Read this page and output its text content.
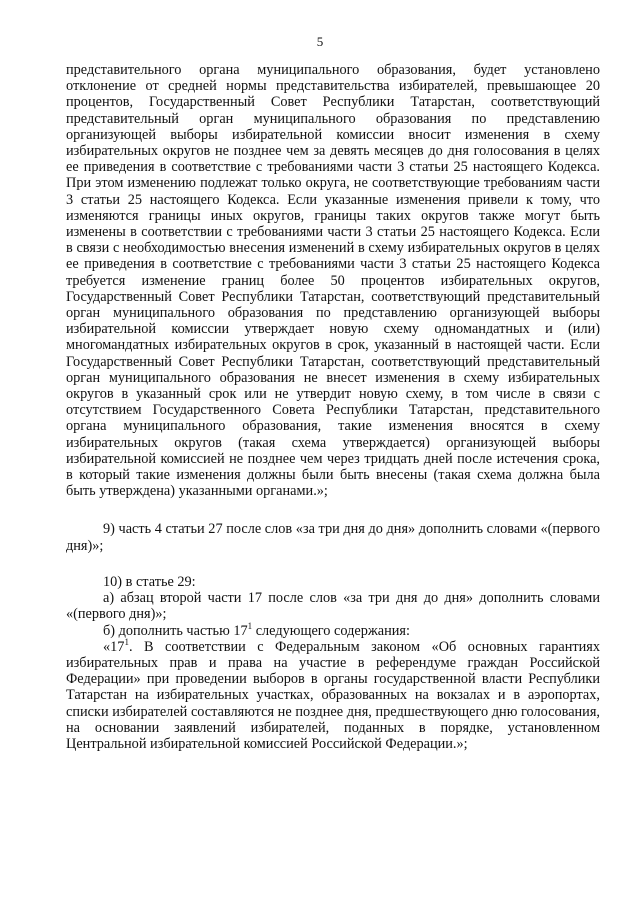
5

представительного органа муниципального образования, будет установлено отклонение от средней нормы представительства избирателей, превышающее 20 процентов, Государственный Совет Республики Татарстан, соответствующий представительный орган муниципального образования по представлению организующей выборы избирательной комиссии вносит изменения в схему избирательных округов не позднее чем за девять месяцев до дня голосования в целях ее приведения в соответствие с требованиями части 3 статьи 25 настоящего Кодекса. При этом изменению подлежат только округа, не соответствующие требованиям части 3 статьи 25 настоящего Кодекса. Если указанные изменения привели к тому, что изменяются границы иных округов, границы таких округов также могут быть изменены в соответствии с требованиями части 3 статьи 25 настоящего Кодекса. Если в связи с необходимостью внесения изменений в схему избирательных округов в целях ее приведения в соответствие с требованиями части 3 статьи 25 настоящего Кодекса требуется изменение границ более 50 процентов избирательных округов, Государственный Совет Республики Татарстан, соответствующий представительный орган муниципального образования по представлению организующей выборы избирательной комиссии утверждает новую схему одномандатных и (или) многомандатных избирательных округов в срок, указанный в настоящей части. Если Государственный Совет Республики Татарстан, соответствующий представительный орган муниципального образования не внесет изменения в схему избирательных округов в указанный срок или не утвердит новую схему, в том числе в связи с отсутствием Государственного Совета Республики Татарстан, представительного органа муниципального образования, такие изменения вносятся в схему избирательных округов (такая схема утверждается) организующей выборы избирательной комиссией не позднее чем через тридцать дней после истечения срока, в который такие изменения должны были быть внесены (такая схема должна была быть утверждена) указанными органами.»;

9) часть 4 статьи 27 после слов «за три дня до дня» дополнить словами «(первого дня)»;

10) в статье 29:

а) абзац второй части 17 после слов «за три дня до дня» дополнить словами «(первого дня)»;

б) дополнить частью $17^1$ следующего содержания:

«$17^1$. В соответствии с Федеральным законом «Об основных гарантиях избирательных прав и права на участие в референдуме граждан Российской Федерации» при проведении выборов в органы государственной власти Республики Татарстан на избирательных участках, образованных на вокзалах и в аэропортах, списки избирателей составляются не позднее дня, предшествующего дню голосования, на основании заявлений избирателей, поданных в порядке, установленном Центральной избирательной комиссией Российской Федерации.»;
